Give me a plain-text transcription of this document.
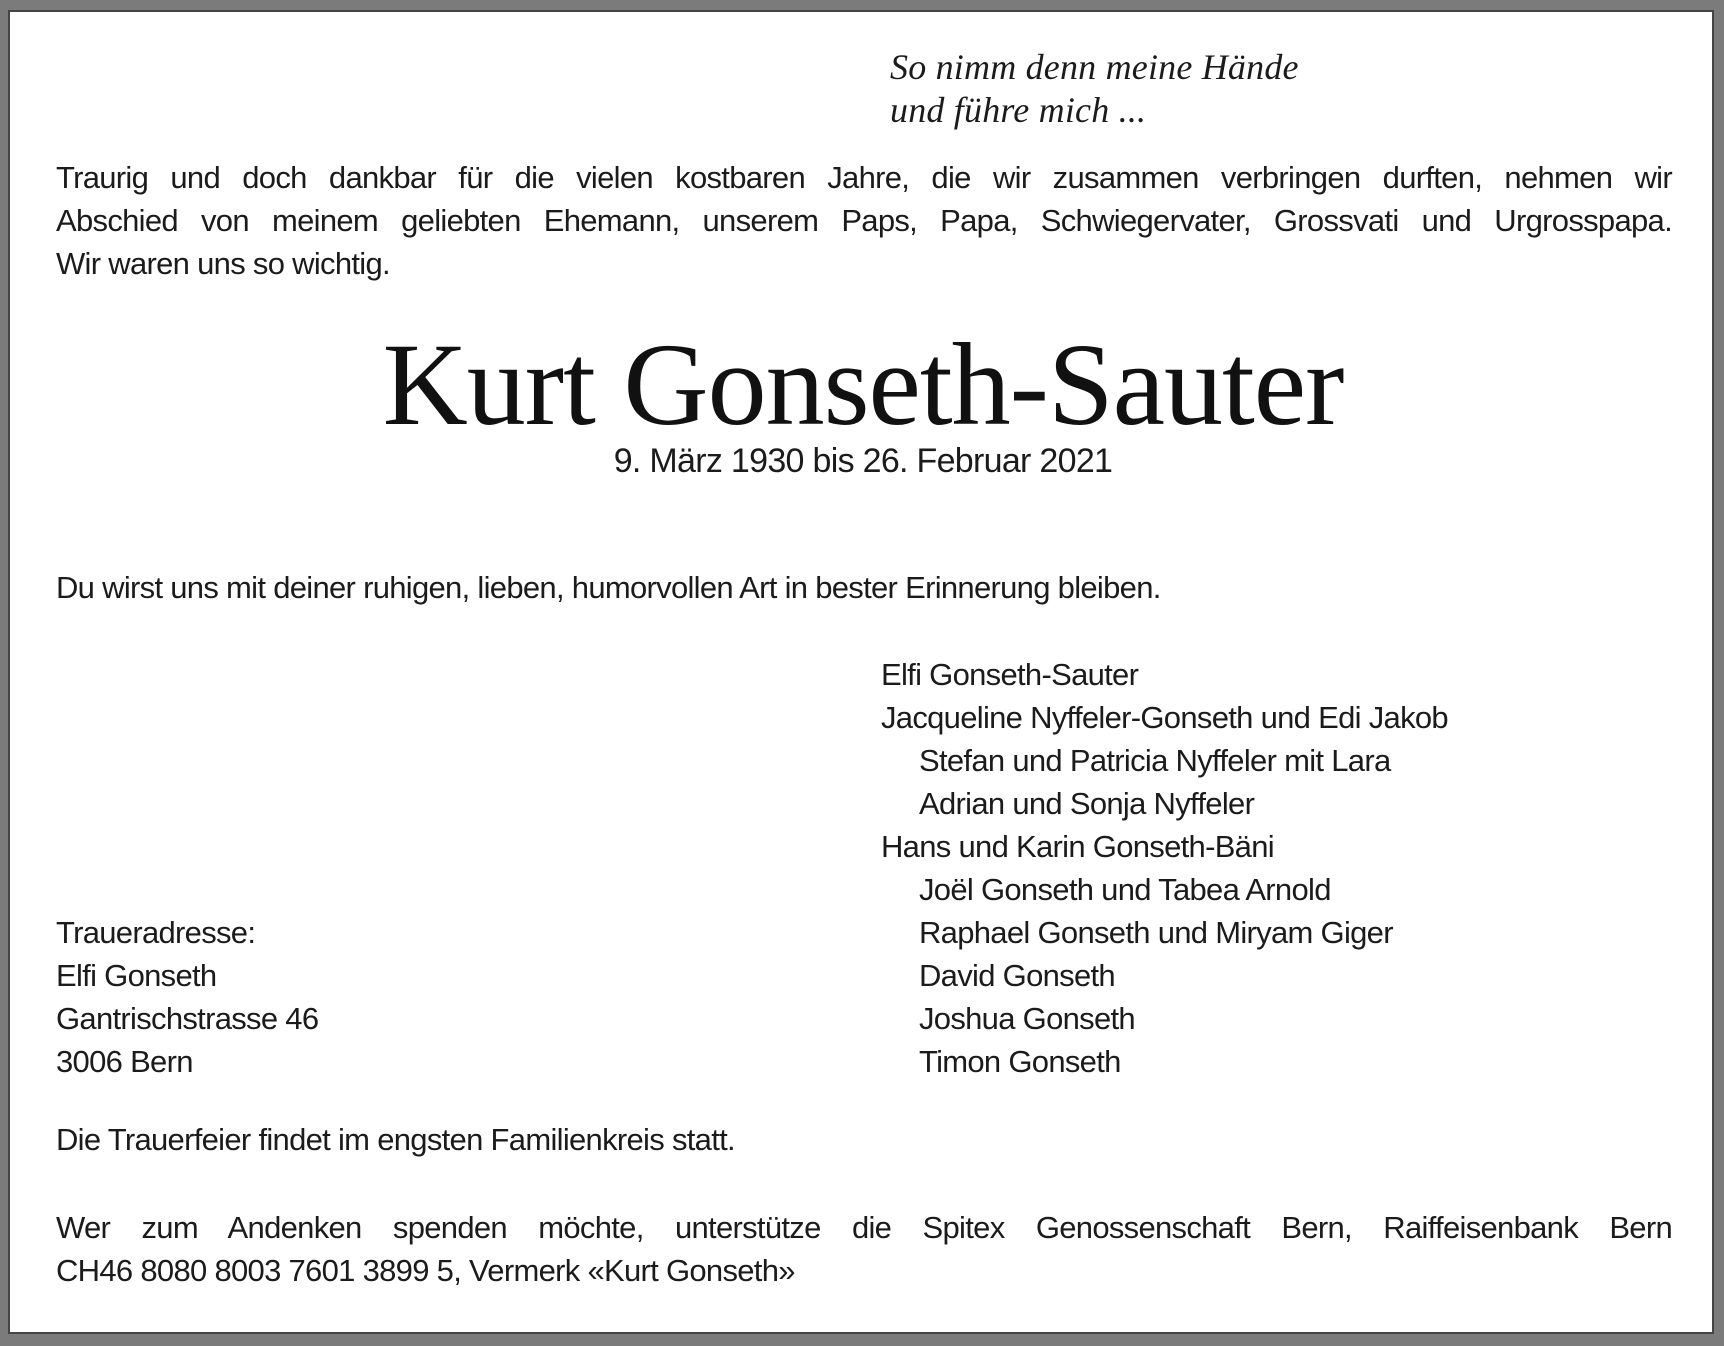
So nimm denn meine Hände
und führe mich ...
Traurig und doch dankbar für die vielen kostbaren Jahre, die wir zusammen verbringen durften, nehmen wir
Abschied von meinem geliebten Ehemann, unserem Paps, Papa, Schwiegervater, Grossvati und Urgrosspapa.
Wir waren uns so wichtig.
Kurt Gonseth-Sauter
9. März 1930 bis 26. Februar 2021
Du wirst uns mit deiner ruhigen, lieben, humorvollen Art in bester Erinnerung bleiben.
Elfi Gonseth-Sauter
Jacqueline Nyffeler-Gonseth und Edi Jakob
Stefan und Patricia Nyffeler mit Lara
Adrian und Sonja Nyffeler
Hans und Karin Gonseth-Bäni
Joël Gonseth und Tabea Arnold
Raphael Gonseth und Miryam Giger
David Gonseth
Joshua Gonseth
Timon Gonseth
Traueradresse:
Elfi Gonseth
Gantrischstrasse 46
3006 Bern
Die Trauerfeier findet im engsten Familienkreis statt.
Wer zum Andenken spenden möchte, unterstütze die Spitex Genossenschaft Bern, Raiffeisenbank Bern
CH46 8080 8003 7601 3899 5, Vermerk «Kurt Gonseth»
